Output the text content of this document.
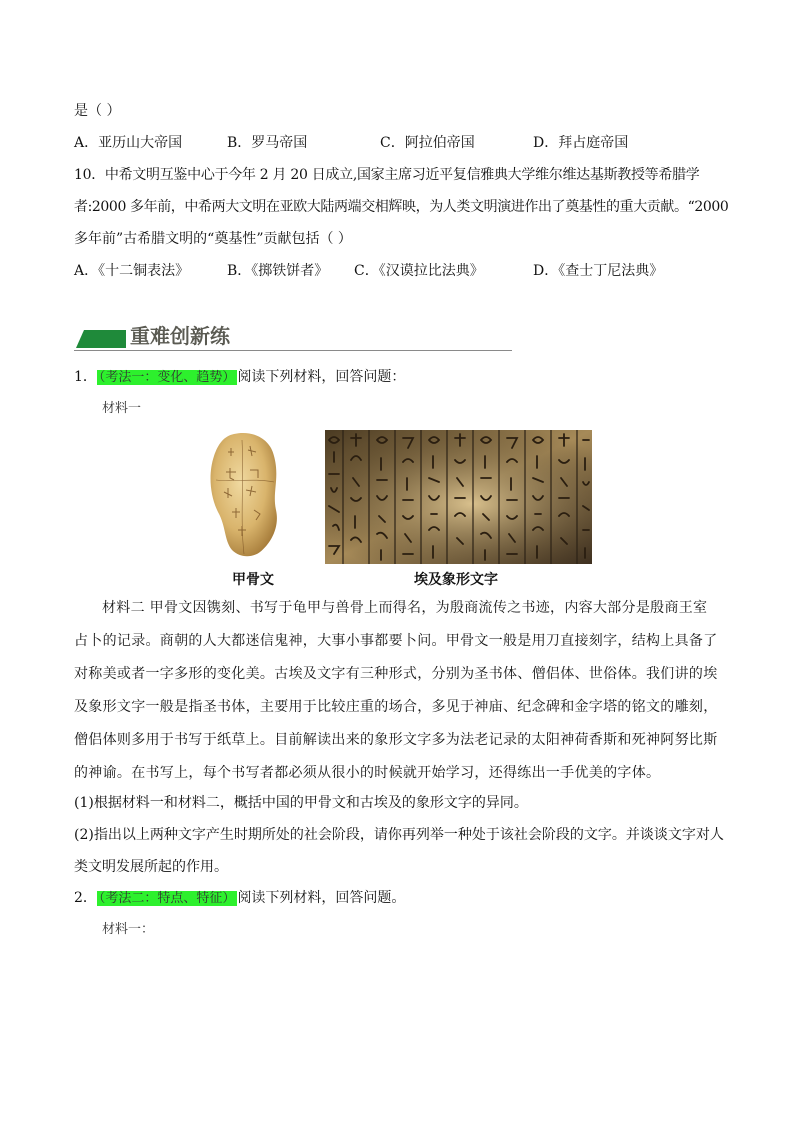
是（ ）
A．亚历山大帝国	B．罗马帝国	C．阿拉伯帝国	D．拜占庭帝国
10．中希文明互鉴中心于今年 2 月 20 日成立,国家主席习近平复信雅典大学维尔维达基斯教授等希腊学
者:2000 多年前，中希两大文明在亚欧大陆两端交相辉映，为人类文明演进作出了奠基性的重大贡献。“2000
多年前”古希腊文明的“奠基性”贡献包括（ ）
A．《十二铜表法》	B．《掷铁饼者》 C．《汉谟拉比法典》	D．《查士丁尼法典》
重难创新练
1． （考法一：变化、趋势） 阅读下列材料，回答问题：
材料一
甲骨文	埃及象形文字
材料二 甲骨文因镌刻、书写于龟甲与兽骨上而得名，为殷商流传之书迹，内容大部分是殷商王室占卜的记录。商朝的人大都迷信鬼神，大事小事都要卜问。甲骨文一般是用刀直接刻字，结构上具备了对称美或者一字多形的变化美。古埃及文字有三种形式，分别为圣书体、僧侣体、世俗体。我们讲的埃及象形文字一般是指圣书体，主要用于比较庄重的场合，多见于神庙、纪念碑和金字塔的铭文的雕刻，僧侣体则多用于书写于纸草上。目前解读出来的象形文字多为法老记录的太阳神荷香斯和死神阿努比斯的神谕。在书写上，每个书写者都必须从很小的时候就开始学习，还得练出一手优美的字体。
(1)根据材料一和材料二，概括中国的甲骨文和古埃及的象形文字的异同。
(2)指出以上两种文字产生时期所处的社会阶段，请你再列举一种处于该社会阶段的文字。并谈谈文字对人
类文明发展所起的作用。
2． （考法二：特点、特征） 阅读下列材料，回答问题。
材料一：
